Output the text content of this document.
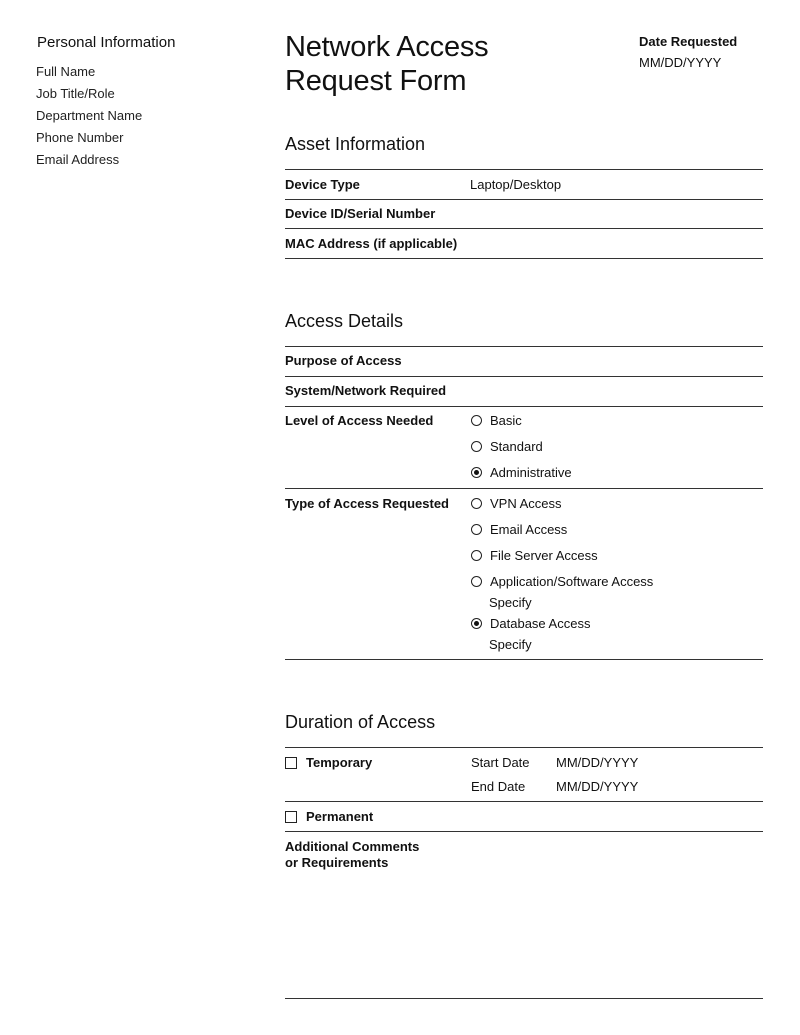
Personal Information
Full Name
Job Title/Role
Department Name
Phone Number
Email Address
Network Access
Request Form
Date Requested
MM/DD/YYYY
Asset Information
Device Type	Laptop/Desktop
Device ID/Serial Number
MAC Address (if applicable)
Access Details
Purpose of Access
System/Network Required
Level of Access Needed	Basic
Standard
Administrative
Type of Access Requested	VPN Access
Email Access
File Server Access
Application/Software Access
Specify
Database Access
Specify
Duration of Access
Temporary	Start Date MM/DD/YYYY
End Date MM/DD/YYYY
Permanent
Additional Comments
or Requirements
